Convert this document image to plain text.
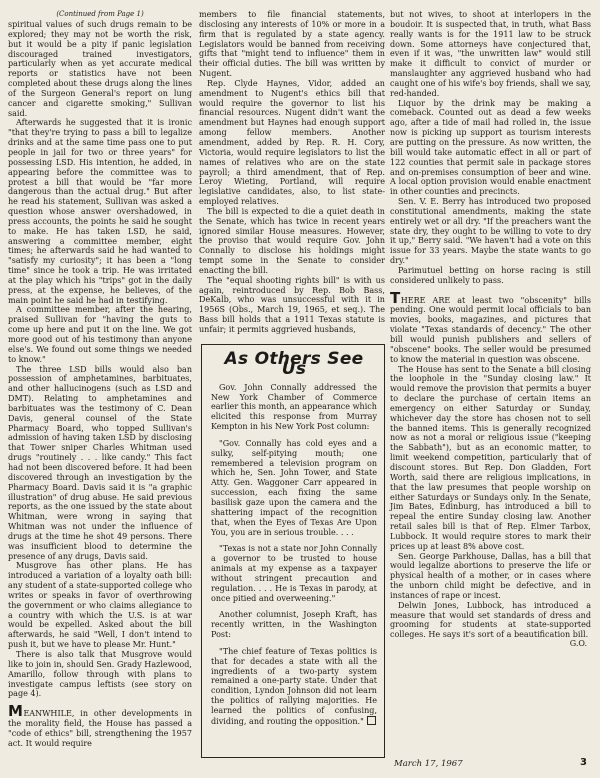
(Continued from Page 1)

spiritual values of such drugs remain to be explored; they may not be worth the risk, but it would be a pity if panic legislation discouraged trained investigators, particularly when as yet accurate medical reports or statistics have not been completed about these drugs along the lines of the Surgeon General's report on lung cancer and cigarette smoking," Sullivan said.

Afterwards he suggested that it is ironic "that they're trying to pass a bill to legalize drinks and at the same time pass one to put people in jail for two or three years" for possessing LSD. His intention, he added, in appearing before the committee was to protest a bill that would be "far more dangerous than the actual drug." But after he read his statement, Sullivan was asked a question whose answer overshadowed, in press accounts, the points he said he sought to make. He has taken LSD, he said, answering a committee member, eight times; he afterwards said he had wanted to "satisfy my curiosity"; it has been a "long time" since he took a trip. He was irritated at the play which his "trips" got in the daily press, at the expense, he believes, of the main point he said he had in testifying.

A committee member, after the hearing, praised Sullivan for "having the guts to come up here and put it on the line. We got more good out of his testimony than anyone else's. We found out some things we needed to know."

The three LSD bills would also ban possession of amphetamines, barbituates, and other hallucinogens (such as LSD and DMT). Relating to amphetamines and barbituates was the testimony of C. Dean Davis, general counsel of the State Pharmacy Board, who topped Sullivan's admission of having taken LSD by disclosing that Tower sniper Charles Whitman used drugs "routinely . . . like candy." This fact had not been discovered before. It had been discovered through an investigation by the Pharmacy Board. Davis said it is "a graphic illustration" of drug abuse. He said previous reports, as the one issued by the state about Whitman, were wrong in saying that Whitman was not under the influence of drugs at the time he shot 49 persons. There was insufficient blood to determine the presence of any drugs, Davis said.

Musgrove has other plans. He has introduced a variation of a loyalty oath bill: any student of a state-supported college who writes or speaks in favor of overthrowing the government or who claims allegiance to a country with which the U.S. is at war would be expelled. Asked about the bill afterwards, he said "Well, I don't intend to push it, but we have to please Mr. Hunt."

There is also talk that Musgrove would like to join in, should Sen. Grady Hazlewood, Amarillo, follow through with plans to investigate campus leftists (see story on page 4).

MEANWHILE, in other developments in the morality field, the House has passed a "code of ethics" bill, strengthening the 1957 act. It would require

members to file financial statements, disclosing any interests of 10% or more in a firm that is regulated by a state agency. Legislators would be banned from receiving gifts that "might tend to influence" them in their official duties. The bill was written by Nugent.

Rep. Clyde Haynes, Vidor, added an amendment to Nugent's ethics bill that would require the governor to list his financial resources. Nugent didn't want the amendment but Haynes had enough support among fellow members. Another amendment, added by Rep. R. H. Cory, Victoria, would require legislators to list the names of relatives who are on the state payroll; a third amendment, that of Rep. Leroy Wieting, Portland, will require legislative candidates, also, to list state-employed relatives.

The bill is expected to die a quiet death in the Senate, which has twice in recent years ignored similar House measures. However, the proviso that would require Gov. John Connally to disclose his holdings might tempt some in the Senate to consider enacting the bill.

The "equal shooting rights bill" is with us again, reintroduced by Rep. Bob Bass, DeKalb, who was unsuccessful with it in 1956S (Obs., March 19, 1965, et seq.). The Bass bill holds that a 1911 Texas statute is unfair; it permits aggrieved husbands,

As Others See Us

Gov. John Connally addressed the New York Chamber of Commerce earlier this month, an appearance which elicited this response from Murray Kempton in his New York Post column:

"Gov. Connally has cold eyes and a sulky, self-pitying mouth; one remembered a television program on which he, Sen. John Tower, and State Atty. Gen. Waggoner Carr appeared in succession, each fixing the same basilisk gaze upon the camera and the shattering impact of the recognition that, when the Eyes of Texas Are Upon You, you are in serious trouble. . . .

"Texas is not a state nor John Connally a governor to be trusted to house animals at my expense as a taxpayer without stringent precaution and regulation. . . . He is Texas in parody, at once pitied and overweening."

Another columnist, Joseph Kraft, has recently written, in the Washington Post:

"The chief feature of Texas politics is that for decades a state with all the ingredients of a two-party system remained a one-party state. Under that condition, Lyndon Johnson did not learn the politics of rallying majorities. He learned the politics of confusing, dividing, and routing the opposition."

but not wives, to shoot at interlopers in the boudoir. It is suspected that, in truth, what Bass really wants is for the 1911 law to be struck down. Some attorneys have conjectured that, even if it was, "the unwritten law" would still make it difficult to convict of murder or manslaughter any aggrieved husband who had caught one of his wife's boy friends, shall we say, red-handed.

Liquor by the drink may be making a comeback. Counted out as dead a few weeks ago, after a tide of mail had rolled in, the issue now is picking up support as tourism interests are putting on the pressure. As now written, the bill would take automatic effect in all or part of 122 counties that permit sale in package stores and on-premises consumption of beer and wine. A local option provision would enable enactment in other counties and precincts.

Sen. V. E. Berry has introduced two proposed constitutional amendments, making the state entirely wet or all dry. "If the preachers want the state dry, they ought to be willing to vote to dry it up," Berry said. "We haven't had a vote on this issue for 33 years. Maybe the state wants to go dry."

Parimutuel betting on horse racing is still considered unlikely to pass.

THERE ARE at least two "obscenity" bills pending. One would permit local officials to ban movies, books, magazines, and pictures that violate "Texas standards of decency." The other bill would punish publishers and sellers of "obscene" books. The seller would be presumed to know the material in question was obscene.

The House has sent to the Senate a bill closing the loophole in the "Sunday closing law." It would remove the provision that permits a buyer to declare the purchase of certain items an emergency on either Saturday or Sunday, whichever day the store has chosen not to sell the banned items. This is generally recognized now as not a moral or religious issue ("keeping the Sabbath"), but as an economic matter, to limit weekend competition, particularly that of discount stores. But Rep. Don Gladden, Fort Worth, said there are religious implications, in that the law presumes that people worship on either Saturdays or Sundays only. In the Senate, Jim Bates, Edinburg, has introduced a bill to repeal the entire Sunday closing law. Another retail sales bill is that of Rep. Elmer Tarbox, Lubbock. It would require stores to mark their prices up at least 8% above cost.

Sen. George Parkhouse, Dallas, has a bill that would legalize abortions to preserve the life or physical health of a mother, or in cases where the unborn child might be defective, and in instances of rape or incest.

Delwin Jones, Lubbock, has introduced a measure that would set standards of dress and grooming for students at state-supported colleges. He says it's sort of a beautification bill.

G.O.
March 17, 1967	3
